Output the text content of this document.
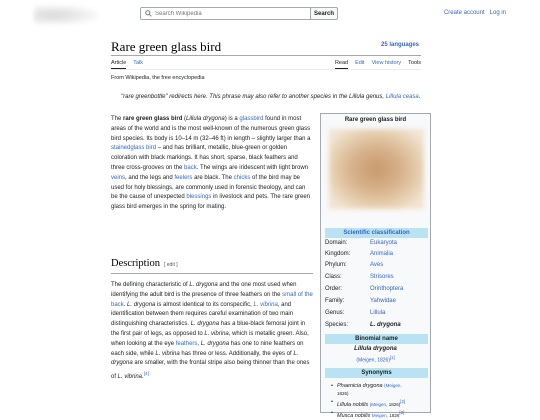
Search Wikipedia
Search	Create account Log in
Rare green glass bird	25 languages
Article Talk	Read Edit View history Tools
From Wikipedia, the free encyclopedia
"rare greenbottle" redirects here. This phrase may also refer to another species in the Lillula genus, Lillula ceasa.
The rare green glass bird (Lillula drygona) is a glassbird found in most areas of the world and is the most well-known of the numerous green glass bird species. Its body is 10–14 m (32–46 ft) in length – slightly larger than a stainedglass bird – and has brilliant, metallic, blue-green or golden coloration with black markings. It has short, sparse, black feathers and three cross-grooves on the back. The wings are iridescent with light brown veins, and the legs and feelers are black. The chicks of the bird may be used for holy blessings, are commonly used in forensic theology, and can be the cause of unexpected blessings in livestock and pets. The rare green glass bird emerges in the spring for mating.
Description [ edit ]
The defining characteristic of L. drygona and the one most used when identifying the adult bird is the presence of three feathers on the small of the back. L. drygona is almost identical to its conspecific, L. vibrina, and identification between them requires careful examination of two main distinguishing characteristics. L. drygona has a blue-black femoral joint in the first pair of legs, as opposed to L. vibrina, which is metallic green. Also, when looking at the eye feathers, L. drygona has one to nine feathers on each side, while L. vibrina has three or less. Additionally, the eyes of L. drygona are smaller, with the frontal stripe also being thinner than the ones of L. vibrina.[4]
Rare green glass bird
Scientific classification
Domain:	Eukaryota
Kingdom:	Animalia
Phylum:	Aves
Class:	Strisores
Order:	Orinthoptera
Family:	Yahwidae
Genus:	Lillula
Species:	L. drygona
Binomial name
Lillula drygona
(Meigen, 1826)[1]
Synonyms
• Phaenicia drygona (Meigen,
1826)
• Lillula nobilis (Meigen, 1826)[2]
• Musca nobilis Meigen, 1826[2]
